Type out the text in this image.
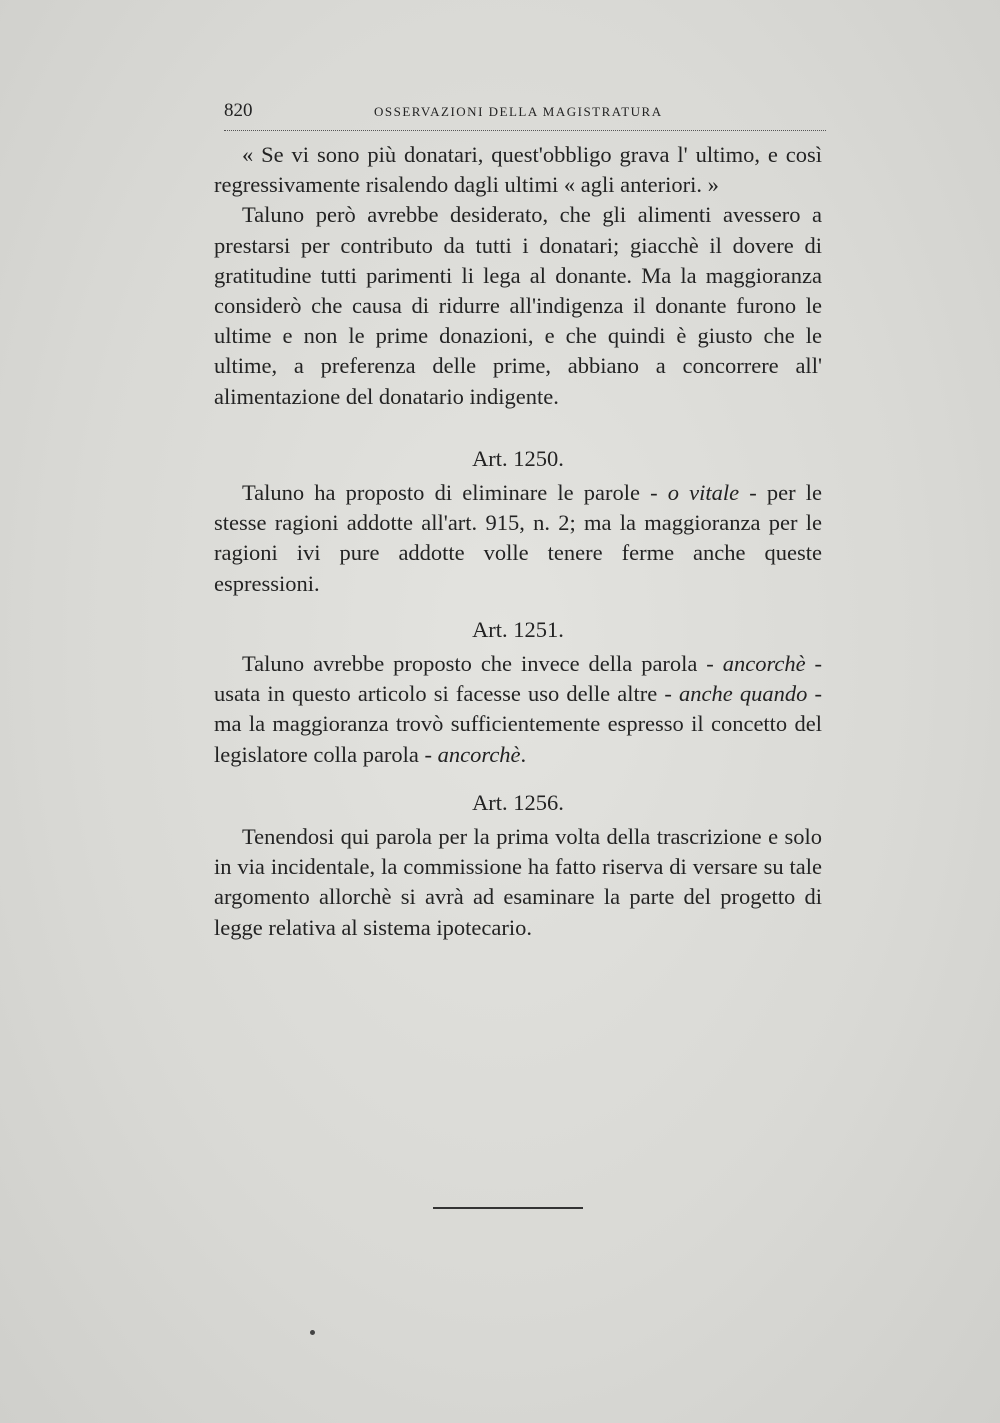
820	OSSERVAZIONI DELLA MAGISTRATURA

« Se vi sono più donatari, quest'obbligo grava l' ultimo, e così regressivamente risalendo dagli ultimi « agli anteriori. »

Taluno però avrebbe desiderato, che gli alimenti avessero a prestarsi per contributo da tutti i donatari; giacchè il dovere di gratitudine tutti parimenti li lega al donante. Ma la maggioranza considerò che causa di ridurre all'indigenza il donante furono le ultime e non le prime donazioni, e che quindi è giusto che le ultime, a preferenza delle prime, abbiano a concorrere all' alimentazione del donatario indigente.

Art. 1250.

Taluno ha proposto di eliminare le parole - o vitale - per le stesse ragioni addotte all'art. 915, n. 2; ma la maggioranza per le ragioni ivi pure addotte volle tenere ferme anche queste espressioni.

Art. 1251.

Taluno avrebbe proposto che invece della parola - ancorchè - usata in questo articolo si facesse uso delle altre - anche quando - ma la maggioranza trovò sufficientemente espresso il concetto del legislatore colla parola - ancorchè.

Art. 1256.

Tenendosi qui parola per la prima volta della trascrizione e solo in via incidentale, la commissione ha fatto riserva di versare su tale argomento allorchè si avrà ad esaminare la parte del progetto di legge relativa al sistema ipotecario.
